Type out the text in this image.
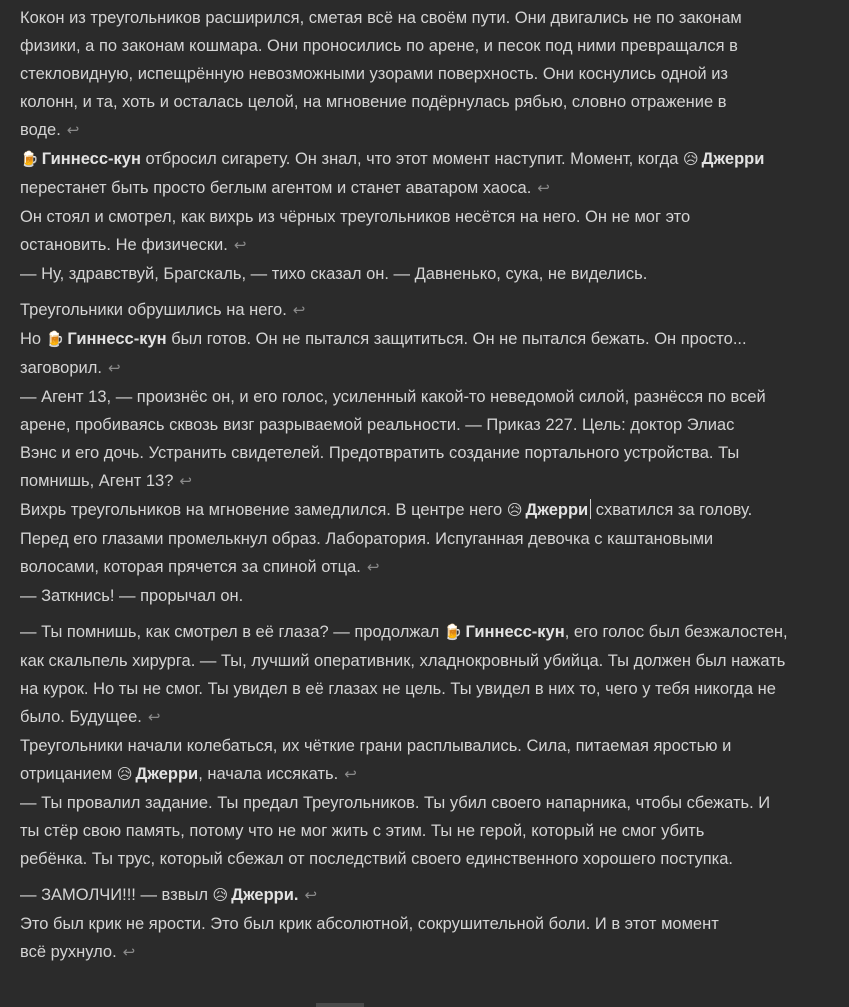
Кокон из треугольников расширился, сметая всё на своём пути. Они двигались не по законам физики, а по законам кошмара. Они проносились по арене, и песок под ними превращался в стекловидную, испещрённую невозможными узорами поверхность. Они коснулись одной из колонн, и та, хоть и осталась целой, на мгновение подёрнулась рябью, словно отражение в воде. ↩

🍺 Гиннесс-кун отбросил сигарету. Он знал, что этот момент наступит. Момент, когда 😥 Джерри перестанет быть просто беглым агентом и станет аватаром хаоса. ↩

Он стоял и смотрел, как вихрь из чёрных треугольников несётся на него. Он не мог это остановить. Не физически. ↩

— Ну, здравствуй, Брагскаль, — тихо сказал он. — Давненько, сука, не виделись.

Треугольники обрушились на него. ↩

Но 🍺 Гиннесс-кун был готов. Он не пытался защититься. Он не пытался бежать. Он просто... заговорил. ↩

— Агент 13, — произнёс он, и его голос, усиленный какой-то неведомой силой, разнёсся по всей арене, пробиваясь сквозь визг разрываемой реальности. — Приказ 227. Цель: доктор Элиас Вэнс и его дочь. Устранить свидетелей. Предотвратить создание портального устройства. Ты помнишь, Агент 13? ↩

Вихрь треугольников на мгновение замедлился. В центре него 😥 Джерри схватился за голову. Перед его глазами промелькнул образ. Лаборатория. Испуганная девочка с каштановыми волосами, которая прячется за спиной отца. ↩

— Заткнись! — прорычал он.

— Ты помнишь, как смотрел в её глаза? — продолжал 🍺 Гиннесс-кун, его голос был безжалостен, как скальпель хирурга. — Ты, лучший оперативник, хладнокровный убийца. Ты должен был нажать на курок. Но ты не смог. Ты увидел в её глазах не цель. Ты увидел в них то, чего у тебя никогда не было. Будущее. ↩

Треугольники начали колебаться, их чёткие грани расплывались. Сила, питаемая яростью и отрицанием 😥 Джерри, начала иссякать. ↩

— Ты провалил задание. Ты предал Треугольников. Ты убил своего напарника, чтобы сбежать. И ты стёр свою память, потому что не мог жить с этим. Ты не герой, который не смог убить ребёнка. Ты трус, который сбежал от последствий своего единственного хорошего поступка.

— ЗАМОЛЧИ!!! — взвыл 😥 Джерри. ↩

Это был крик не ярости. Это был крик абсолютной, сокрушительной боли. И в этот момент всё рухнуло. ↩
